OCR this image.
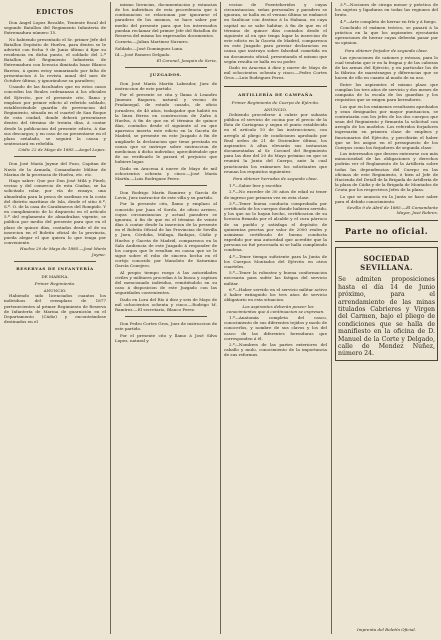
EDICTOS

Don Angel Lopez Recalde, Teniente fiscal del segundo Batallon del Regimiento Infanteria de Extremadura número 15.

No habiendo presentado el Sr. primer Jefe del Batallon Depósito de Huelva, para dentro se le advirtió con fecha 9 de Junio último á fijar su residencia en dicha punto, el soldado del 2.º Batallon del Regimiento Infantería de Extremadura con licencia ilimitada Isaac Blanco Barrios, á quien estoy sumariando por falta de presentacion á la revista anual del mes de Octubre último, y ignorándose su paradero;

Usando de las facultades que en estos casos conceden las Reales ordenanzas á los oficiales del Ejército, por el presente cito, llamo y emplazo por primer edicto al referido soldado, estableciéndole guardia de prevencion del Regimiento, situada en el cuartel de San Roque de esta ciudad, donde deberá presentarse dentro del término de treinta días, á contar desde la publicacion del presente edicto, á dar sus descargos; y en caso de no presentarse en el plazo señalado, se seguirá la causa y sentenciará en rebeldía.

Cádiz 22 de Mayo de 1885.—Angel Lopez.

Don José María Juyme del Pozo, Capitan de Navío de la Armada, Comandante Militar de Marina de la provincia de Huelva, etc. etc.

Hago saber: Que por Don José Milá y Pineli, vecino y del comercio de esta Ciudaa, se ha solicitado rolar, por vía de ensayo, una almadraba para la pesca de sardinas en la costa del distrito marítimo de Isla, desde el sitio 6.º, S.º. O. de la casa de Carabineros del Rompido. Y en cumplimiento de lo dispuesto en el artículo 5.º del reglamento de almadrabas vigente, se publica por medio del presente para que en el plazo de quince días, contados desde el de su insercion en el Boletín oficial de la provincia, pueda alegar el que quiera lo que tenga por conveniente.

Huelva 20 de Mayo de 1885.—José María Juyme.

RESERVAS DE INFANTERÍA
DE MARINA.
Primer Regimiento.
ANUNCIO.

Habiendo sido licenciados cuantos los individuos del reemplazo de 1877 pertenecientes al primer Regimiento de Reserva de Infantería de Marina de guarnición en el Departamento (Cádiz) y encontrándose destinados en el

mismo licencias, documentacion y estancias de los individuos de esta procedencia que á continuacion se relacionan por ignorarse el paradero de los mismos, se hace saber por medio del presente para que los interesados puedan reclamar del primer Jefe del Batallon de Reserva del mismo los expresados documentos.

Corneta.—Julian Martinez Navarro.

Soldado.—José Dominguez Luna.

Id.—José Romero Delgado.

El Coronel, Joaquin de Seria.

JUZGADOS.

Don José María Martín Labrador, Juez de instruccion de este partido.

Por el presente se cita y llama á Leandro Jimenez Baquero, natural y vecino de Pradanegal, de estado casado, de oficio jornalero, de 40 años, trabajador que habitó en la linea férrea en construccion de Zafra á Huelva, á fin de que en el término de quince días, contados desde el siguiente al en que aparezca inserta este edicto en la Gaceta de Madrid, se presente en este Juzgado á fin de ampliarle la declaracion que tiene prestada en causa que se instruye sobre sustraccion de medicinas á dicho individuo; apercibiéndole que de no verificarlo le parará el perjuicio que hubiere lugar.

Dado en Aracena á nueve de Mayo de mil ochocientos ochenta y cinco.—José María Martín.—Luis Rodriguez Perez.

Don Rodrigo Marín Ramirez y García de Lovio, Juez instructor de este villa y su partido.

Por la presente cito, llamo y emplazo al conocido por Juan el Sordo, de oficio arriero, cuyas circunstancias y actual paradero se ignoran, á fin de que en el término de veinte días á contar desde la insercion de la presente en el Boletín Oficial de las Provincias de Sevilla y Jaen, Córdoba, Málaga, Badajoz, Cádiz y Huelva y Gaceta de Madrid, comparezca en la Sala Audiencia de este Juzgado á responder de los cargos que le resultan en causa que se le sigue sobre el robo de sincera hecha en el cortijo conocido por Manoloto de Saturnino García Conejero.

Al propio tiempo ruego á las autoridades civiles y militares procedan á la busca y captura del mencionado individuo, remitiéndolo en su caso á disposicion de este Juzgado con las seguridades convenientes.

Dado en Lora del Río á diez y seis de Mayo de mil ochocientos ochenta y cinco.—Rodrigo M. Ramírez.—El secretario, Blanco Perez.

Don Pedro Cortes Gros, Juez de instruccion de este partido.

Por el presente cito y llamo á José Silva Lopez, natural y

vecino de Fuenteheridos y cuyas circunstancias, señas personales y paradero se ignoran, se halla en el verano último se embarcó en Sanlúcar con destino á la Habana, en cuya capital no se sabe habitar, á fin de que en el término de quince días contados desde el siguiente al en que tenga lugar la insercion de este edicto en la Gaceta de Madrid, comparezca en este Juzgado para prestar declaracion en causa que instruyo sobre falsedad cometida en un documento oficial, presentando el mismo que según resulta se halla en su poder.

Dado en Aracena á diez y nueve de Mayo de mil ochocientos ochenta y cinco.—Pedro Cortes Gros.—Luis Rodriguez Perez.

ARTILLERÍA DE CAMPAÑA
Primer Regimiento de Cuerpo de Ejército.
ANUNCIO.

Debiendo procederse á cubrir por subasta pública el servicio de cocina por el precio de la flota de Cartagena y segun el punto establecido en el artículo 10 de las instrucciones, con arreglo al pliego de condiciones aprobado por Real orden de 21 de Diciembre último, los aspirantes á altas elevarán sus instancias documentadas al Sr. Coronel del Regimiento para las diez del 20 de Mayo próximo en que se reunirá la Junta del Cuerpo, ante la cual practicarán los exámenes los solicitantes que reunan los requisitos siguientes:

Para obtener herradas de segunda clase.

1.º—Saber leer y escribir.

2.º—No exceder de 30 años de edad ni tener de ingreso por primera vez en esta clase.

3.º—Tener buena conducta comprobada por certificado de los cuerpos donde hubiera servido, y los que no lo hayan hecho, certificacion de su licencia firmada por el alcalde y el cura párroco de su pueblo y satisfaga el depósito de quinientas pesetas por valor de 2000 reales y asimismo certificado de buena conducta expedido por una autoridad que acredite que la persona no fué procesada ni se halla cumpliendo condena.

4.º—Tener tiempo suficiente para la Junta de los Cuerpos Montados del Ejército en otros cuarteles.

5.º—Tener la robustez y buena conformacion necesaria para sufrir las fatigas del servicio militar.

6.º—Haber servido en el servicio militar activo ó haber extinguido los tres años de servicio obligatorio en esta situacion.

Los aspirantes deberán poseer los conocimientos que á continuacion se expresan.

1.º—Anatomía completa del casco, conocimiento de sus diferentes tejidos y modo de conocerlos, y nombre de sus clavos y los del casco de las diferentes herraduras que corresponden á él.

2.º—Nombres de las partes exteriores del caballo y mulo, conocimiento de la importancia de sus reformas.

3.º—Nociones de ciruga menor y práctica de los sujetos y ligaduras en todas las regiones del bruto.

4.º—Arte completo de herrar en frío y á fuego.

Concluido el exámen teórico, se pasará á la práctica en la que los aspirantes ejecutarán operaciones de herrar cuyas deberán pasar por su opinion.

Para obtener forjador de segunda clase.

Las ejecuciones de cañones y estosas, para lo cual tendrán que ir en la fragua y de las cabezas de las armas del Ejército, y en particular los de la fábrica de maestrazgos y diferencias que se hacen de ello en cuanto al modo de su uso.

Entre los aspirantes el mismo plazo que cumplan los tres años de servicio y dos meses de campaña de la escala de los guardias y los requisitos que se exigen para herradores.

Los que en los exámenes resultasen aprobados y sean designados por mayor puntuacion, se contratarán con los jefes de los dos cuerpos que sean del Regimiento y firmarán la solicitud con arreglo de los modelos. Los referidos forjadores ingresarán en primera clase de empleos y funcionarios del Ejército, y percibirán el haber que se les asigne en el presupuesto de los Cuerpos como los forjadores de segunda clase.

Los interesados que deseen enterarse con más minuciosidad de las obligaciones y derechos podrán ver el Reglamento de la Artillería sobre todas las dependencias del Cuerpo en las oficinas de este Regimiento, ó bien al Jefe de Hacienda del Detall de la Brigada de Artillería de la plaza de Cádiz y de la Brigada de Montados de Ceuta por los respectivos Jefes de la plaza.

Lo que se anuncia en la Junta se hace saber para el debido conocimiento.

Sevilla 9 de Abril de 1885.—El Comandante Mayor, José Robres.

Parte no oficial.
SOCIEDAD SEVILLANA.
Se admiten proposiciones hasta el día 14 de Junio próximo, para el arrendamiento de las minas titulados Cabrieres y Virgen del Carmen, bajo el pliego de condiciones que se halla de manifiesto en la oficina de D. Manuel de la Corte y Delgado, calle de Mendez Nuñez, número 24.
Imprenta del Boletín Oficial.
